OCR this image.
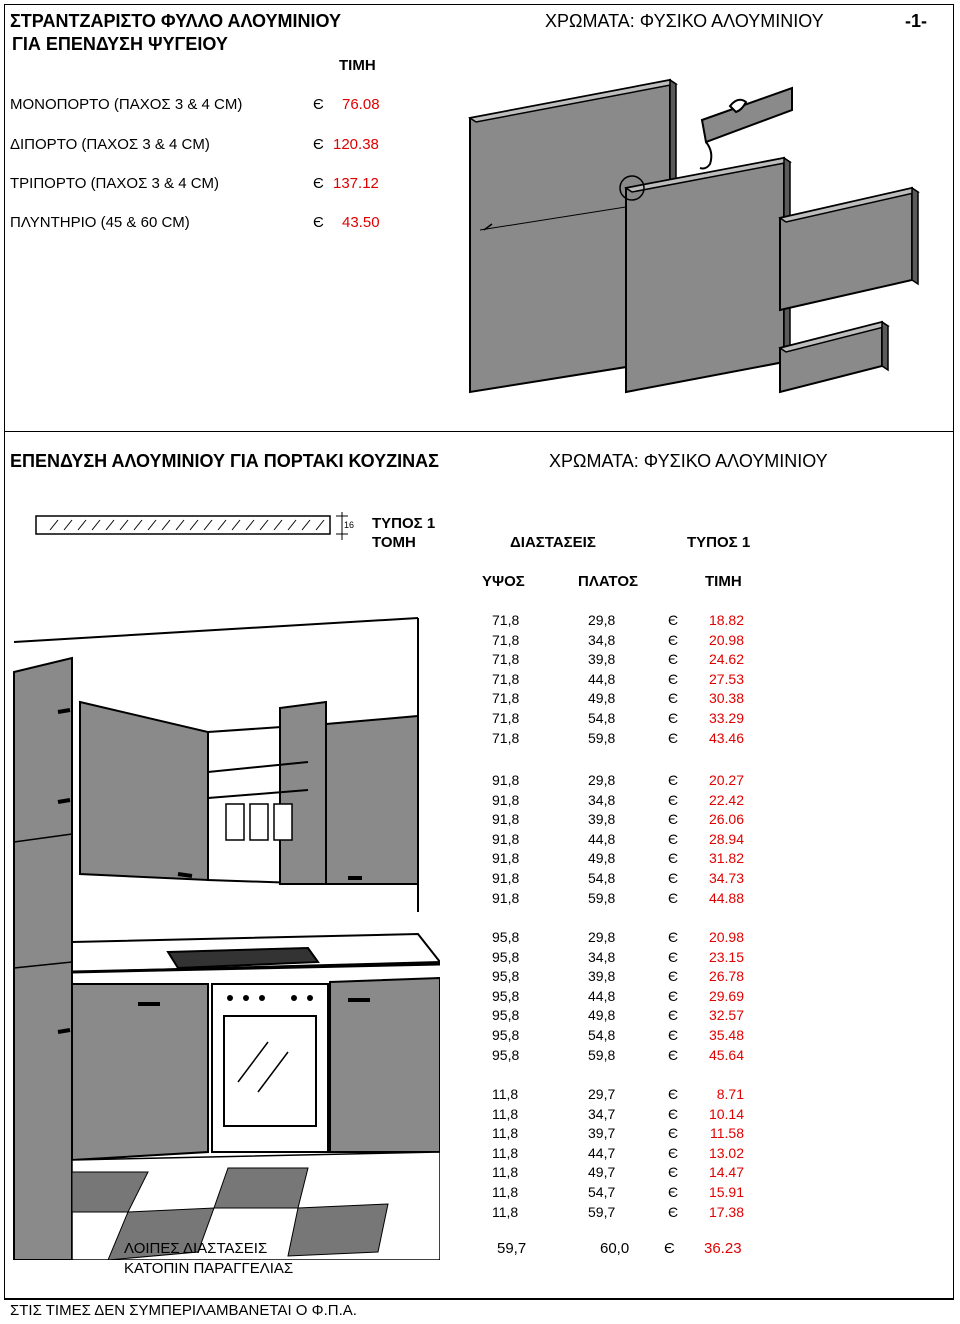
ΣΤΡΑΝΤΖΑΡΙΣΤΟ ΦΥΛΛΟ ΑΛΟΥΜΙΝΙΟΥ
ΓΙΑ ΕΠΕΝΔΥΣΗ ΨΥΓΕΙΟΥ
ΧΡΩΜΑΤΑ: ΦΥΣΙΚΟ ΑΛΟΥΜΙΝΙΟΥ	-1-
ΤΙΜΗ
ΜΟΝΟΠΟΡΤΟ (ΠΑΧΟΣ 3 & 4 CM)	Є 76.08
ΔΙΠΟΡΤΟ (ΠΑΧΟΣ 3 & 4 CM)	Є 120.38
ΤΡΙΠΟΡΤΟ (ΠΑΧΟΣ 3 & 4 CM)	Є 137.12
ΠΛΥΝΤΗΡΙΟ (45 & 60 CM)	Є 43.50
ΕΠΕΝΔΥΣΗ ΑΛΟΥΜΙΝΙΟΥ ΓΙΑ ΠΟΡΤΑΚΙ ΚΟΥΖΙΝΑΣ	ΧΡΩΜΑΤΑ: ΦΥΣΙΚΟ ΑΛΟΥΜΙΝΙΟΥ
16 ΤΥΠΟΣ 1
ΤΟΜΗ	ΔΙΑΣΤΑΣΕΙΣ	ΤΥΠΟΣ 1
ΥΨΟΣ	ΠΛΑΤΟΣ	ΤΙΜΗ
71,8	29,8	Є	18.82
71,8	34,8	Є	20.98
71,8	39,8	Є	24.62
71,8	44,8	Є	27.53
71,8	49,8	Є	30.38
71,8	54,8	Є	33.29
71,8	59,8	Є	43.46
91,8	29,8	Є	20.27
91,8	34,8	Є	22.42
91,8	39,8	Є	26.06
91,8	44,8	Є	28.94
91,8	49,8	Є	31.82
91,8	54,8	Є	34.73
91,8	59,8	Є	44.88
95,8	29,8	Є	20.98
95,8	34,8	Є	23.15
95,8	39,8	Є	26.78
95,8	44,8	Є	29.69
95,8	49,8	Є	32.57
95,8	54,8	Є	35.48
95,8	59,8	Є	45.64
11,8	29,7	Є	8.71
11,8	34,7	Є	10.14
11,8	39,7	Є	11.58
11,8	44,7	Є	13.02
11,8	49,7	Є	14.47
11,8	54,7	Є	15.91
11,8	59,7	Є	17.38
ΛΟΙΠΕΣ ΔΙΑΣΤΑΣΕΙΣ
ΚΑΤΟΠΙΝ ΠΑΡΑΓΓΕΛΙΑΣ
59,7	60,0 Є 36.23
ΣΤΙΣ ΤΙΜΕΣ ΔΕΝ ΣΥΜΠΕΡΙΛΑΜΒΑΝΕΤΑΙ Ο Φ.Π.Α.
